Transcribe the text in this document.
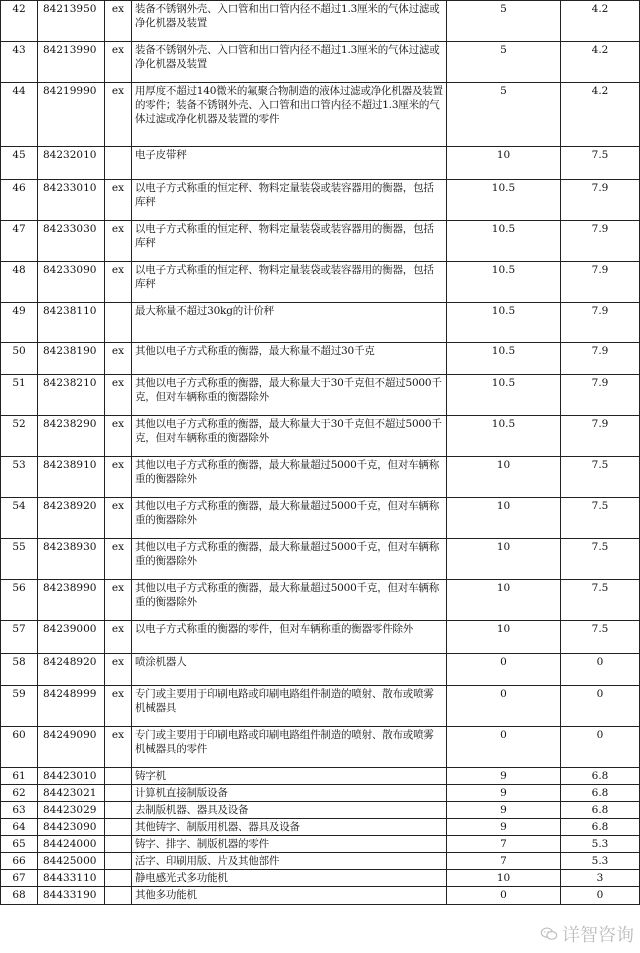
42	84213950	ex	装备不锈钢外壳、入口管和出口管内径不超过1.3厘米的气体过滤或净化机器及装置	5	4.2
43	84213990	ex	装备不锈钢外壳、入口管和出口管内径不超过1.3厘米的气体过滤或净化机器及装置	5	4.2
44	84219990	ex	用厚度不超过140微米的氟聚合物制造的液体过滤或净化机器及装置的零件；装备不锈钢外壳、入口管和出口管内径不超过1.3厘米的气体过滤或净化机器及装置的零件	5	4.2
45	84232010		电子皮带秤	10	7.5
46	84233010	ex	以电子方式称重的恒定秤、物料定量装袋或装容器用的衡器，包括库秤	10.5	7.9
47	84233030	ex	以电子方式称重的恒定秤、物料定量装袋或装容器用的衡器，包括库秤	10.5	7.9
48	84233090	ex	以电子方式称重的恒定秤、物料定量装袋或装容器用的衡器，包括库秤	10.5	7.9
49	84238110		最大称量不超过30kg的计价秤	10.5	7.9
50	84238190	ex	其他以电子方式称重的衡器，最大称量不超过30千克	10.5	7.9
51	84238210	ex	其他以电子方式称重的衡器，最大称量大于30千克但不超过5000千克，但对车辆称重的衡器除外	10.5	7.9
52	84238290	ex	其他以电子方式称重的衡器，最大称量大于30千克但不超过5000千克，但对车辆称重的衡器除外	10.5	7.9
53	84238910	ex	其他以电子方式称重的衡器，最大称量超过5000千克，但对车辆称重的衡器除外	10	7.5
54	84238920	ex	其他以电子方式称重的衡器，最大称量超过5000千克，但对车辆称重的衡器除外	10	7.5
55	84238930	ex	其他以电子方式称重的衡器，最大称量超过5000千克，但对车辆称重的衡器除外	10	7.5
56	84238990	ex	其他以电子方式称重的衡器，最大称量超过5000千克，但对车辆称重的衡器除外	10	7.5
57	84239000	ex	以电子方式称重的衡器的零件，但对车辆称重的衡器零件除外	10	7.5
58	84248920	ex	喷涂机器人	0	0
59	84248999	ex	专门或主要用于印刷电路或印刷电路组件制造的喷射、散布或喷雾机械器具	0	0
60	84249090	ex	专门或主要用于印刷电路或印刷电路组件制造的喷射、散布或喷雾机械器具的零件	0	0
61	84423010		铸字机	9	6.8
62	84423021		计算机直接制版设备	9	6.8
63	84423029		去制版机器、器具及设备	9	6.8
64	84423090		其他铸字、制版用机器、器具及设备	9	6.8
65	84424000		铸字、排字、制版机器的零件	7	5.3
66	84425000		活字、印刷用版、片及其他部件	7	5.3
67	84433110		静电感光式多功能机	10	3
68	84433190		其他多功能机	0	0
详智咨询
